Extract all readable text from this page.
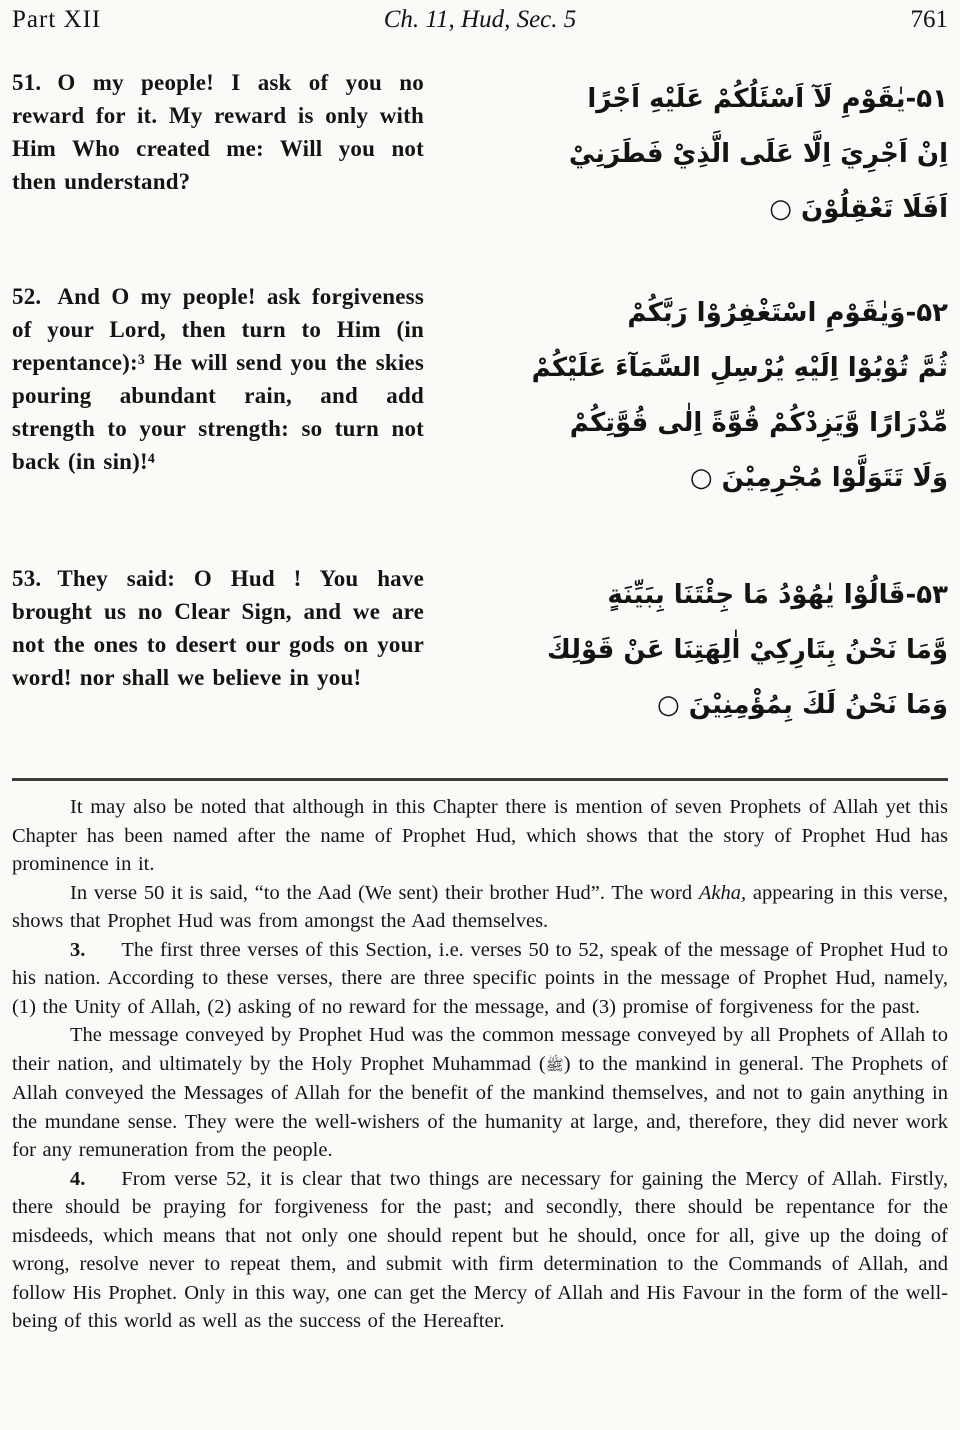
Part XII	Ch. 11, Hud, Sec. 5	761

51. O my people! I ask of you no reward for it. My reward is only with Him Who created me: Will you not then understand?

۵۱-يٰقَوْمِ لَآ اَسْئَلُكُمْ عَلَيْهِ اَجْرًا
اِنْ اَجْرِيَ اِلَّا عَلَى الَّذِيْ فَطَرَنِيْ
اَفَلَا تَعْقِلُوْنَ ○

52. And O my people! ask forgiveness of your Lord, then turn to Him (in repentance):³ He will send you the skies pouring abundant rain, and add strength to your strength: so turn not back (in sin)!⁴

۵۲-وَيٰقَوْمِ اسْتَغْفِرُوْا رَبَّكُمْ
ثُمَّ تُوْبُوْا اِلَيْهِ يُرْسِلِ السَّمَآءَ عَلَيْكُمْ
مِّدْرَارًا وَّيَزِدْكُمْ قُوَّةً اِلٰى قُوَّتِكُمْ
وَلَا تَتَوَلَّوْا مُجْرِمِيْنَ ○

53. They said: O Hud ! You have brought us no Clear Sign, and we are not the ones to desert our gods on your word! nor shall we believe in you!

۵۳-قَالُوْا يٰهُوْدُ مَا جِئْتَنَا بِبَيِّنَةٍ
وَّمَا نَحْنُ بِتَارِكِيْ اٰلِهَتِنَا عَنْ قَوْلِكَ
وَمَا نَحْنُ لَكَ بِمُؤْمِنِيْنَ ○

It may also be noted that although in this Chapter there is mention of seven Prophets of Allah yet this Chapter has been named after the name of Prophet Hud, which shows that the story of Prophet Hud has prominence in it.

In verse 50 it is said, “to the Aad (We sent) their brother Hud”. The word Akha, appearing in this verse, shows that Prophet Hud was from amongst the Aad themselves.

3. The first three verses of this Section, i.e. verses 50 to 52, speak of the message of Prophet Hud to his nation. According to these verses, there are three specific points in the message of Prophet Hud, namely, (1) the Unity of Allah, (2) asking of no reward for the message, and (3) promise of forgiveness for the past.

The message conveyed by Prophet Hud was the common message conveyed by all Prophets of Allah to their nation, and ultimately by the Holy Prophet Muhammad (ﷺ) to the mankind in general. The Prophets of Allah conveyed the Messages of Allah for the benefit of the mankind themselves, and not to gain anything in the mundane sense. They were the well-wishers of the humanity at large, and, therefore, they did never work for any remuneration from the people.

4. From verse 52, it is clear that two things are necessary for gaining the Mercy of Allah. Firstly, there should be praying for forgiveness for the past; and secondly, there should be repentance for the misdeeds, which means that not only one should repent but he should, once for all, give up the doing of wrong, resolve never to repeat them, and submit with firm determination to the Commands of Allah, and follow His Prophet. Only in this way, one can get the Mercy of Allah and His Favour in the form of the well-being of this world as well as the success of the Hereafter.
